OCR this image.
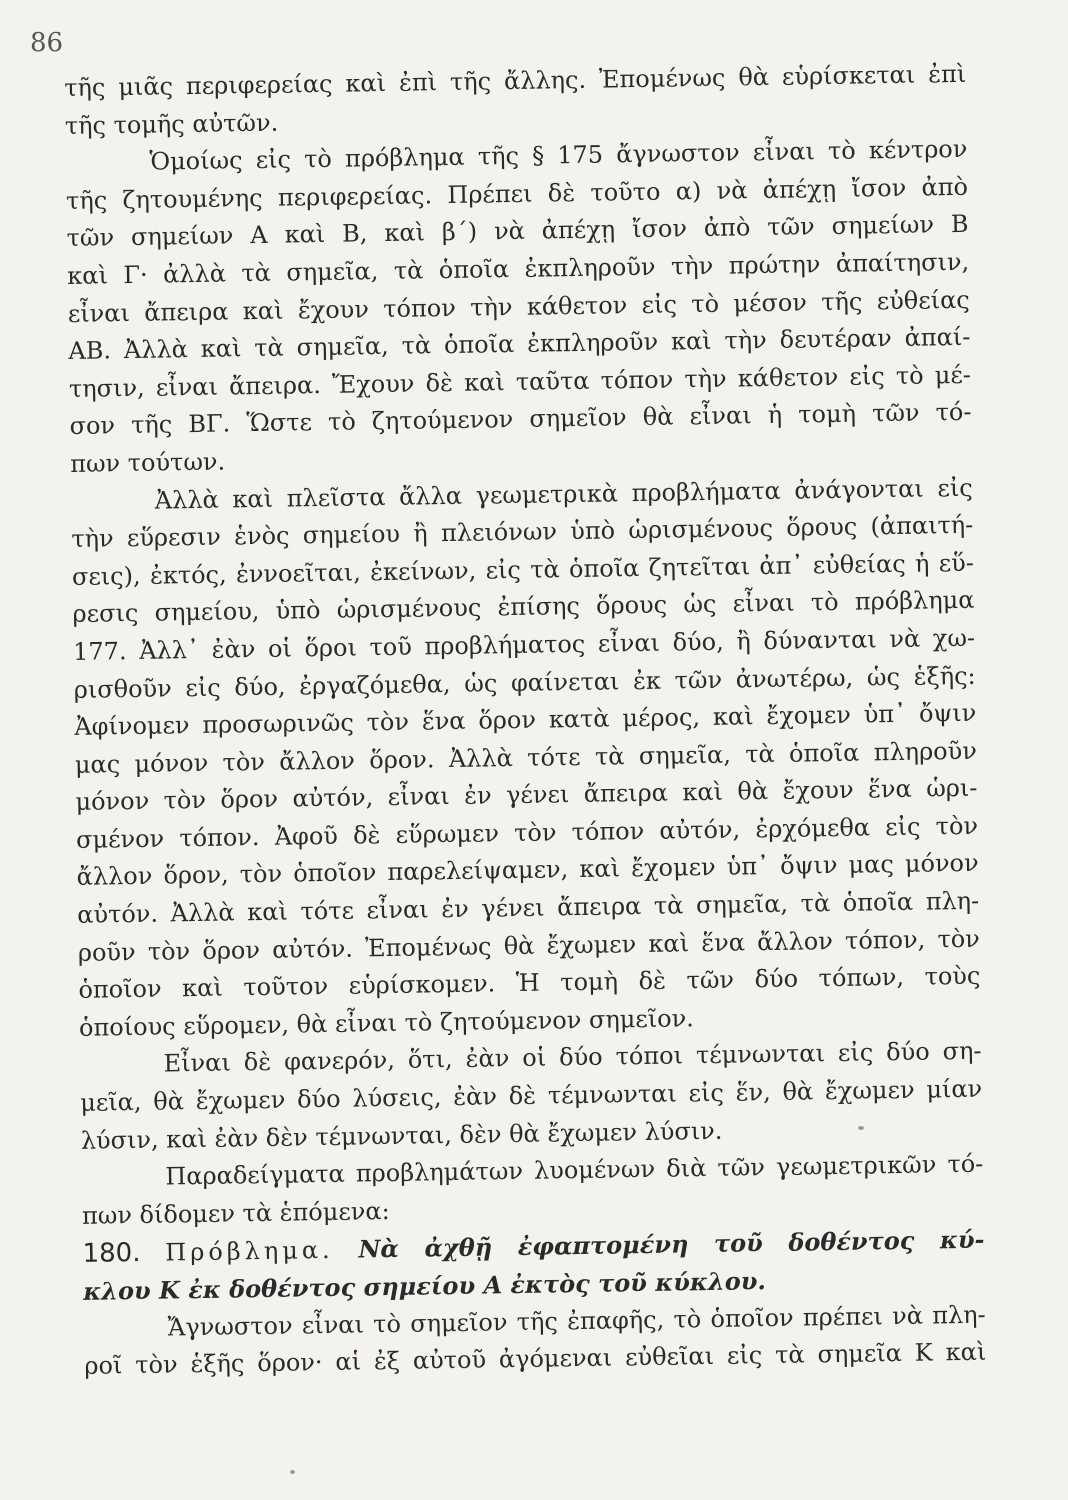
86
τῆς μιᾶς περιφερείας καὶ ἐπὶ τῆς ἄλλης. Ἐπομένως θὰ εὑρίσκεται ἐπὶ
τῆς τομῆς αὐτῶν.
Ὁμοίως εἰς τὸ πρόβλημα τῆς § 175 ἄγνωστον εἶναι τὸ κέντρον
τῆς ζητουμένης περιφερείας. Πρέπει δὲ τοῦτο α) νὰ ἀπέχῃ ἴσον ἀπὸ
τῶν σημείων Α καὶ Β, καὶ β΄) νὰ ἀπέχῃ ἴσον ἀπὸ τῶν σημείων Β
καὶ Γ· ἀλλὰ τὰ σημεῖα, τὰ ὁποῖα ἐκπληροῦν τὴν πρώτην ἀπαίτησιν,
εἶναι ἄπειρα καὶ ἔχουν τόπον τὴν κάθετον εἰς τὸ μέσον τῆς εὐθείας
ΑΒ. Ἀλλὰ καὶ τὰ σημεῖα, τὰ ὁποῖα ἐκπληροῦν καὶ τὴν δευτέραν ἀπαί-
τησιν, εἶναι ἄπειρα. Ἔχουν δὲ καὶ ταῦτα τόπον τὴν κάθετον εἰς τὸ μέ-
σον τῆς ΒΓ. Ὥστε τὸ ζητούμενον σημεῖον θὰ εἶναι ἡ τομὴ τῶν τό-
πων τούτων.
Ἀλλὰ καὶ πλεῖστα ἄλλα γεωμετρικὰ προβλήματα ἀνάγονται εἰς
τὴν εὕρεσιν ἑνὸς σημείου ἢ πλειόνων ὑπὸ ὡρισμένους ὅρους (ἀπαιτή-
σεις), ἐκτός, ἐννοεῖται, ἐκείνων, εἰς τὰ ὁποῖα ζητεῖται ἀπ᾽ εὐθείας ἡ εὕ-
ρεσις σημείου, ὑπὸ ὡρισμένους ἐπίσης ὅρους ὡς εἶναι τὸ πρόβλημα
177. Ἀλλ᾽ ἐὰν οἱ ὅροι τοῦ προβλήματος εἶναι δύο, ἢ δύνανται νὰ χω-
ρισθοῦν εἰς δύο, ἐργαζόμεθα, ὡς φαίνεται ἐκ τῶν ἀνωτέρω, ὡς ἑξῆς:
Ἀφίνομεν προσωρινῶς τὸν ἕνα ὅρον κατὰ μέρος, καὶ ἔχομεν ὑπ᾽ ὄψιν
μας μόνον τὸν ἄλλον ὅρον. Ἀλλὰ τότε τὰ σημεῖα, τὰ ὁποῖα πληροῦν
μόνον τὸν ὅρον αὐτόν, εἶναι ἐν γένει ἄπειρα καὶ θὰ ἔχουν ἕνα ὡρι-
σμένον τόπον. Ἀφοῦ δὲ εὕρωμεν τὸν τόπον αὐτόν, ἐρχόμεθα εἰς τὸν
ἄλλον ὅρον, τὸν ὁποῖον παρελείψαμεν, καὶ ἔχομεν ὑπ᾽ ὄψιν μας μόνον
αὐτόν. Ἀλλὰ καὶ τότε εἶναι ἐν γένει ἄπειρα τὰ σημεῖα, τὰ ὁποῖα πλη-
ροῦν τὸν ὅρον αὐτόν. Ἐπομένως θὰ ἔχωμεν καὶ ἕνα ἄλλον τόπον, τὸν
ὁποῖον καὶ τοῦτον εὑρίσκομεν. Ἡ τομὴ δὲ τῶν δύο τόπων, τοὺς
ὁποίους εὕρομεν, θὰ εἶναι τὸ ζητούμενον σημεῖον.
Εἶναι δὲ φανερόν, ὅτι, ἐὰν οἱ δύο τόποι τέμνωνται εἰς δύο ση-
μεῖα, θὰ ἔχωμεν δύο λύσεις, ἐὰν δὲ τέμνωνται εἰς ἕν, θὰ ἔχωμεν μίαν
λύσιν, καὶ ἐὰν δὲν τέμνωνται, δὲν θὰ ἔχωμεν λύσιν.
Παραδείγματα προβλημάτων λυομένων διὰ τῶν γεωμετρικῶν τό-
πων δίδομεν τὰ ἑπόμενα:
180. Πρόβλημα. Νὰ ἀχθῇ ἐφαπτομένη τοῦ δοθέντος κύ-
κλου Κ ἐκ δοθέντος σημείου Α ἐκτὸς τοῦ κύκλου.
Ἄγνωστον εἶναι τὸ σημεῖον τῆς ἐπαφῆς, τὸ ὁποῖον πρέπει νὰ πλη-
ροῖ τὸν ἑξῆς ὅρον· αἱ ἐξ αὐτοῦ ἀγόμεναι εὐθεῖαι εἰς τὰ σημεῖα Κ καὶ
